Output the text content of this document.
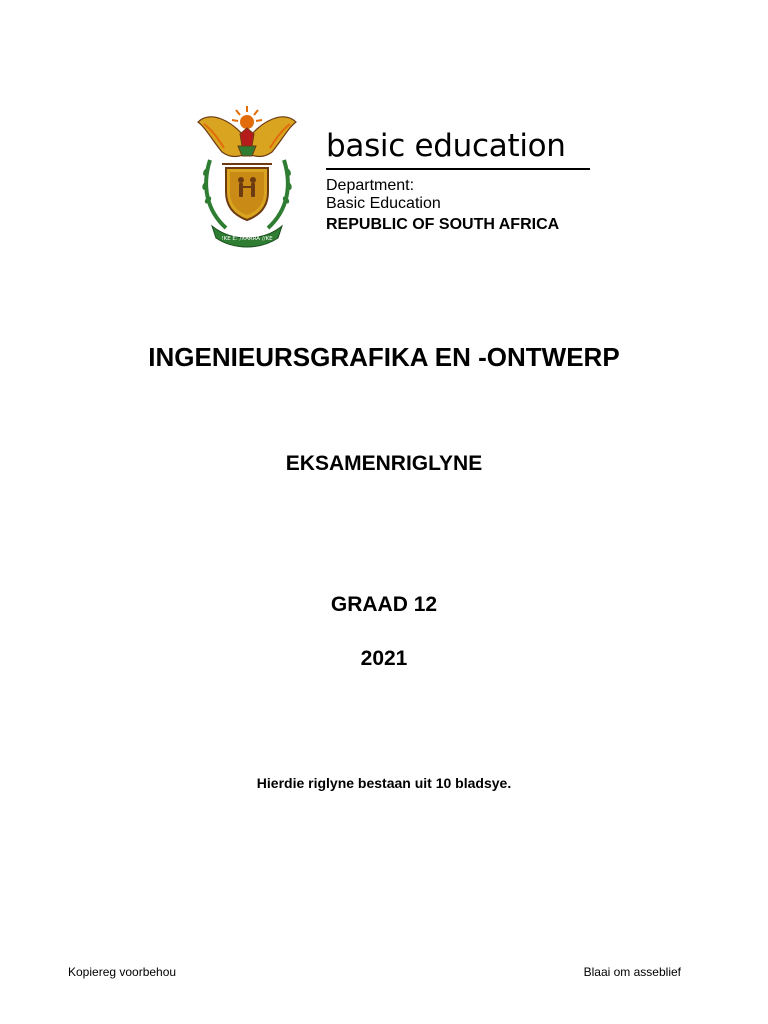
!KE E: /XARRA //KE
basic education
Department:
Basic Education
REPUBLIC OF SOUTH AFRICA
INGENIEURSGRAFIKA EN -ONTWERP
EKSAMENRIGLYNE
GRAAD 12
2021
Hierdie riglyne bestaan uit 10 bladsye.
Kopiereg voorbehou	Blaai om asseblief
